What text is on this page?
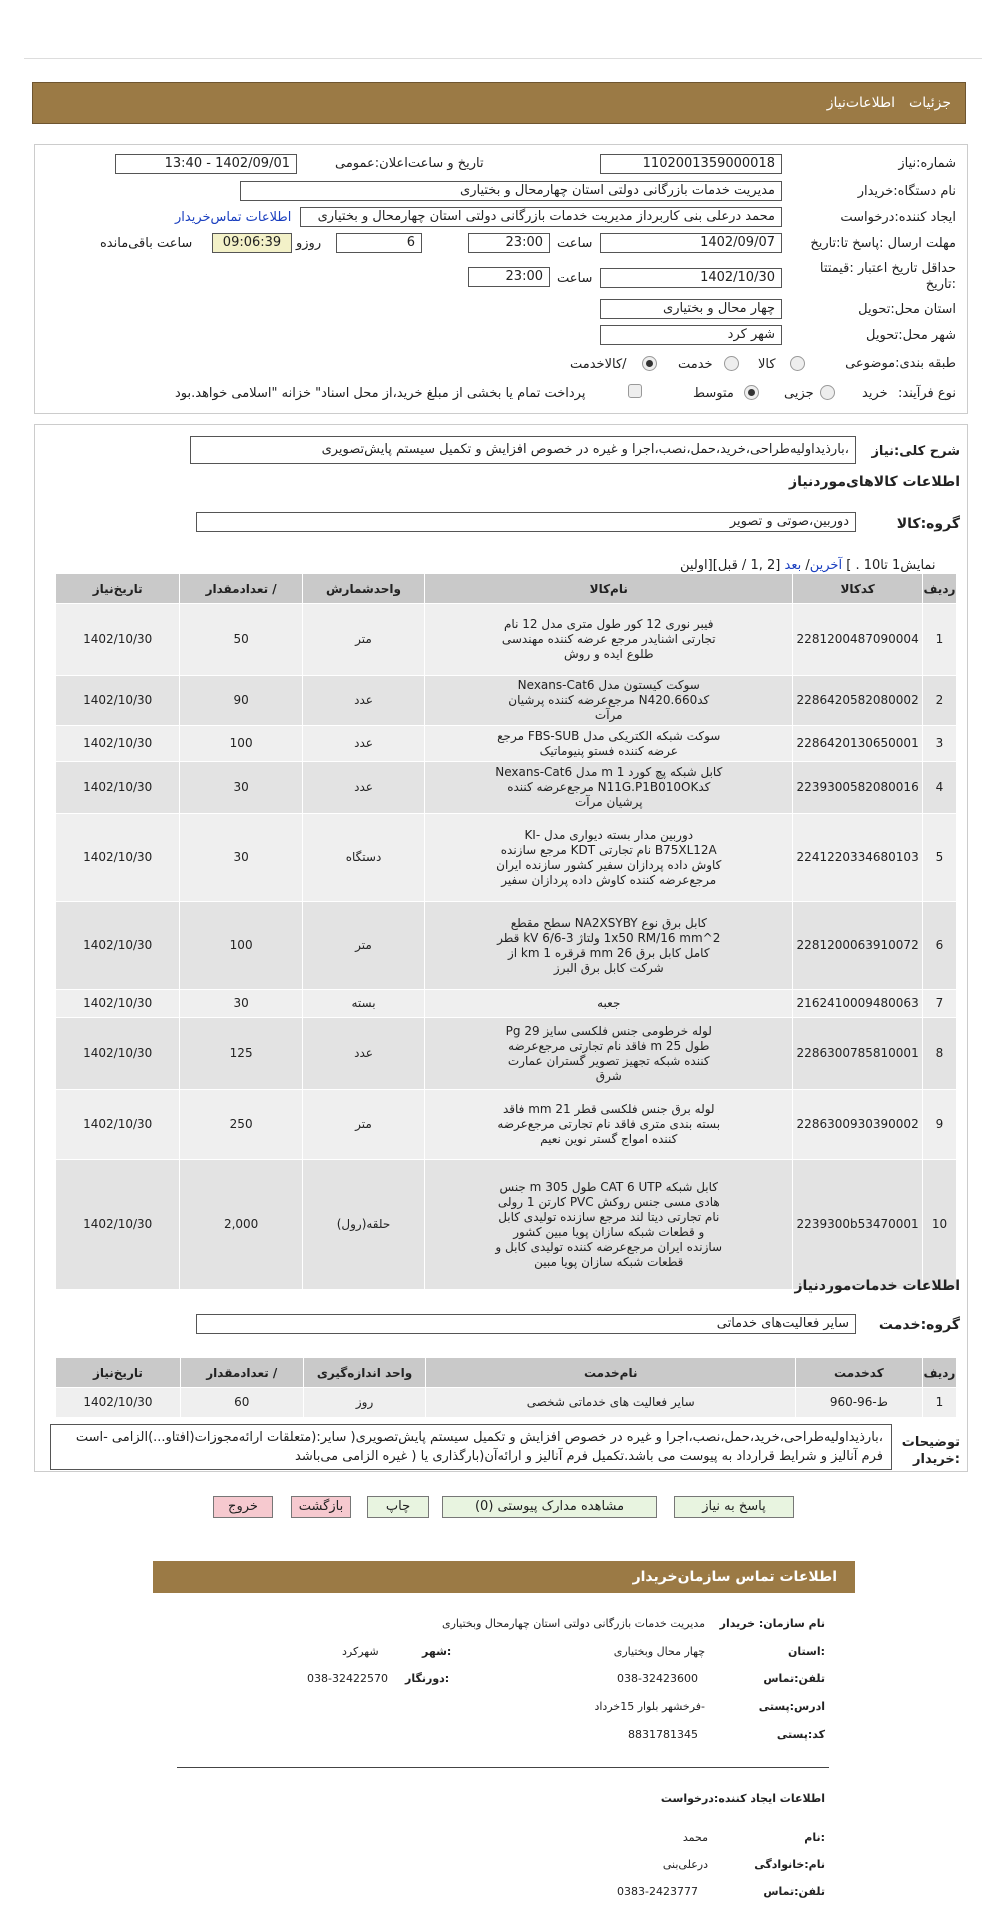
جزئیات
اطلاعات‌نیاز
شماره:نیاز
1102001359000018
تاریخ و ساعت‌اعلان:عمومی
1402/09/01 - 13:40
نام دستگاه:خریدار
مدیریت خدمات بازرگانی دولتی استان چهارمحال و بختیاری
ایجاد کننده:درخواست
محمد درعلی بنی کاربرداز مدیریت خدمات بازرگانی دولتی استان چهارمحال و بختیاری
اطلاعات تماس‌خریدار
مهلت ارسال :پاسخ تا:تاریخ
1402/09/07
ساعت
23:00
6
روزو
09:06:39
ساعت باقی‌مانده
حداقل تاریخ اعتبار :قیمتتا
:تاریخ
1402/10/30
ساعت
23:00
استان محل:تحویل
چهار محال و بختیاری
شهر محل:تحویل
شهر کرد
طبقه بندی:موضوعی
کالا
خدمت
/کالاخدمت
نوع فرآیند:
خرید
جزیی
متوسط
پرداخت تمام یا بخشی از مبلغ خرید،از محل اسناد" خزانه "اسلامی خواهد.بود
شرح کلی:نیاز
،بارذیداولیه‌طراحی،خرید،حمل،نصب،اجرا و غیره در خصوص افزایش و تکمیل سیستم پایش‌تصویری
اطلاعات کالاهای‌موردنیاز
گروه:کالا
دوربین،صوتی و تصویر
نمایش1 تا10 . ] آخرین/ بعد [2 ,1 / قبل][اولین
ردیف	کدکالا	نام‌کالا	واحدشمارش	/ تعدادمقدار	تاریخ‌نیاز
1	2281200487090004	فیبر نوری 12 کور طول متری مدل 12 نام تجارتی اشنایدر مرجع عرضه کننده مهندسی طلوع ایده و روش	متر	50	1402/10/30
2	2286420582080002	سوکت کیستون مدل Nexans-Cat6 کدN420.660 مرجع‌عرضه کننده پرشیان مرآت	عدد	90	1402/10/30
3	2286420130650001	سوکت شبکه الکتریکی مدل FBS-SUB مرجع عرضه کننده فستو پنیوماتیک	عدد	100	1402/10/30
4	2239300582080016	کابل شبکه پچ کورد 1 m مدل Nexans-Cat6 کدN11G.P1B010OK مرجع‌عرضه کننده پرشیان مرآت	عدد	30	1402/10/30
5	2241220334680103	دوربین مدار بسته دیواری مدل KI-B75XL12A نام تجارتی KDT مرجع سازنده کاوش داده پردازان سفیر کشور سازنده ایران مرجع‌عرضه کننده کاوش داده پردازان سفیر	دستگاه	30	1402/10/30
6	2281200063910072	کابل برق نوع NA2XSYBY سطح مقطع 1x50 RM/16 mm^2 ولتاژ 3-6/6 kV قطر کامل کابل برق 26 mm قرقره 1 km از شرکت کابل برق البرز	متر	100	1402/10/30
7	2162410009480063	جعبه	بسته	30	1402/10/30
8	2286300785810001	لوله خرطومی جنس فلکسی سایز 29 Pg طول 25 m فاقد نام تجارتی مرجع‌عرضه کننده شبکه تجهیز تصویر گستران عمارت شرق	عدد	125	1402/10/30
9	2286300930390002	لوله برق جنس فلکسی قطر 21 mm فاقد بسته بندی متری فاقد نام تجارتی مرجع‌عرضه کننده امواج گستر نوین نعیم	متر	250	1402/10/30
10	2239300b53470001	کابل شبکه CAT 6 UTP طول 305 m جنس هادی مسی جنس روکش PVC کارتن 1 رولی نام تجارتی دیتا لند مرجع سازنده تولیدی کابل و قطعات شبکه سازان پویا مبین کشور سازنده ایران مرجع‌عرضه کننده تولیدی کابل و قطعات شبکه سازان پویا مبین	حلقه(رول)	2,000	1402/10/30
اطلاعات خدمات‌موردنیاز
گروه:خدمت
سایر فعالیت‌های خدماتی
ردیف	کدخدمت	نام‌خدمت	واحد اندازه‌گیری	/ تعدادمقدار	تاریخ‌نیاز
1	ط-96-960	سایر فعالیت های خدماتی شخصی	روز	60	1402/10/30
توضیحات
:خریدار
،بارذیداولیه‌طراحی،خرید،حمل،نصب،اجرا و غیره در خصوص افزایش و تکمیل سیستم پایش‌تصویری( سایر:(متعلقات ارائه‌مجوزات(افتاو...)الزامی -است فرم آنالیز و شرایط قرارداد به پیوست می باشد.تکمیل فرم آنالیز و ارائه‌آن(بارگذاری یا ( غیره الزامی می‌باشد
پاسخ به نیاز
مشاهده مدارک پیوستی (0)
چاپ
بازگشت
خروج
اطلاعات تماس سازمان‌خریدار
نام سازمان: خریدار
مدیریت خدمات بازرگانی دولتی استان چهارمحال وبختیاری
:استان
چهار محال وبختیاری
:شهر
شهرکرد
تلفن:تماس
038-32423600
:دورنگار
038-32422570
ادرس:پستی
-فرخشهر بلوار 15خرداد
کد:پستی
8831781345
اطلاعات ایجاد کننده:درخواست
:نام
محمد
نام:خانوادگی
درعلی‌بنی
تلفن:تماس
0383-2423777
